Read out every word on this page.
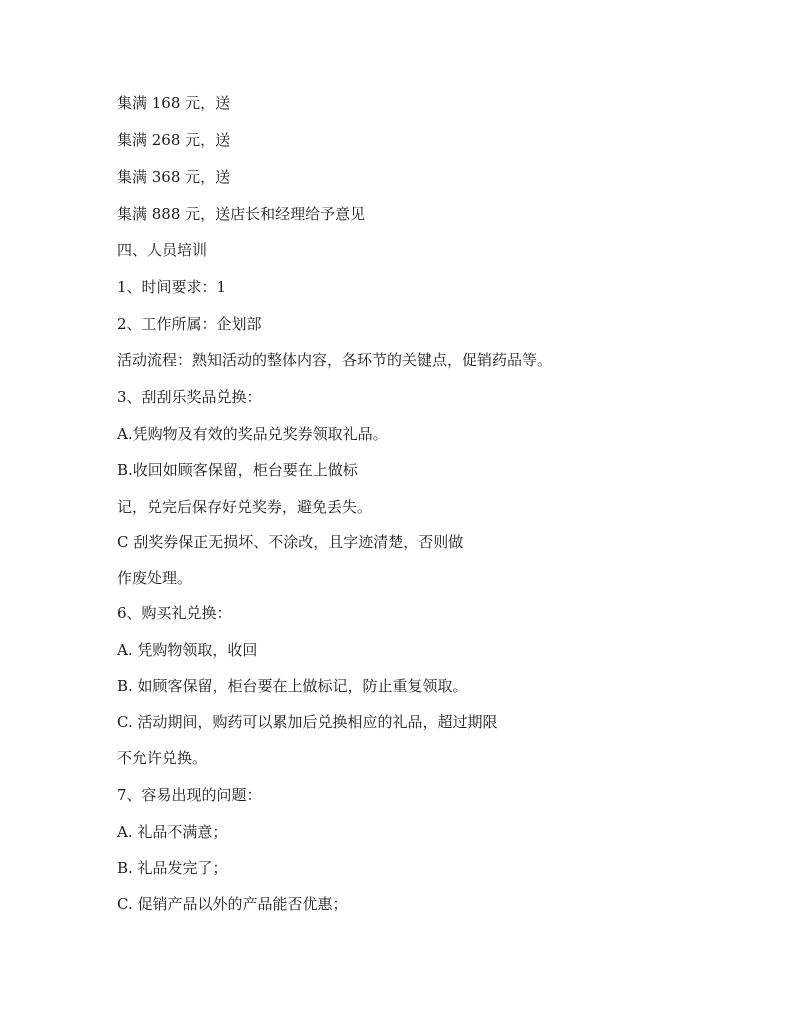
集满 168 元，送

集满 268 元，送

集满 368 元，送

集满 888 元，送店长和经理给予意见

四、人员培训

1、时间要求：1

2、工作所属：企划部

活动流程：熟知活动的整体内容，各环节的关键点，促销药品等。

3、刮刮乐奖品兑换：

A.凭购物及有效的奖品兑奖券领取礼品。

B.收回如顾客保留，柜台要在上做标

记，兑完后保存好兑奖券，避免丢失。

C 刮奖券保正无损坏、不涂改，且字迹清楚，否则做

作废处理。

6、购买礼兑换：

A. 凭购物领取，收回

B. 如顾客保留，柜台要在上做标记，防止重复领取。

C. 活动期间，购药可以累加后兑换相应的礼品，超过期限

不允许兑换。

7、容易出现的问题：

A. 礼品不满意；

B. 礼品发完了；

C. 促销产品以外的产品能否优惠；
